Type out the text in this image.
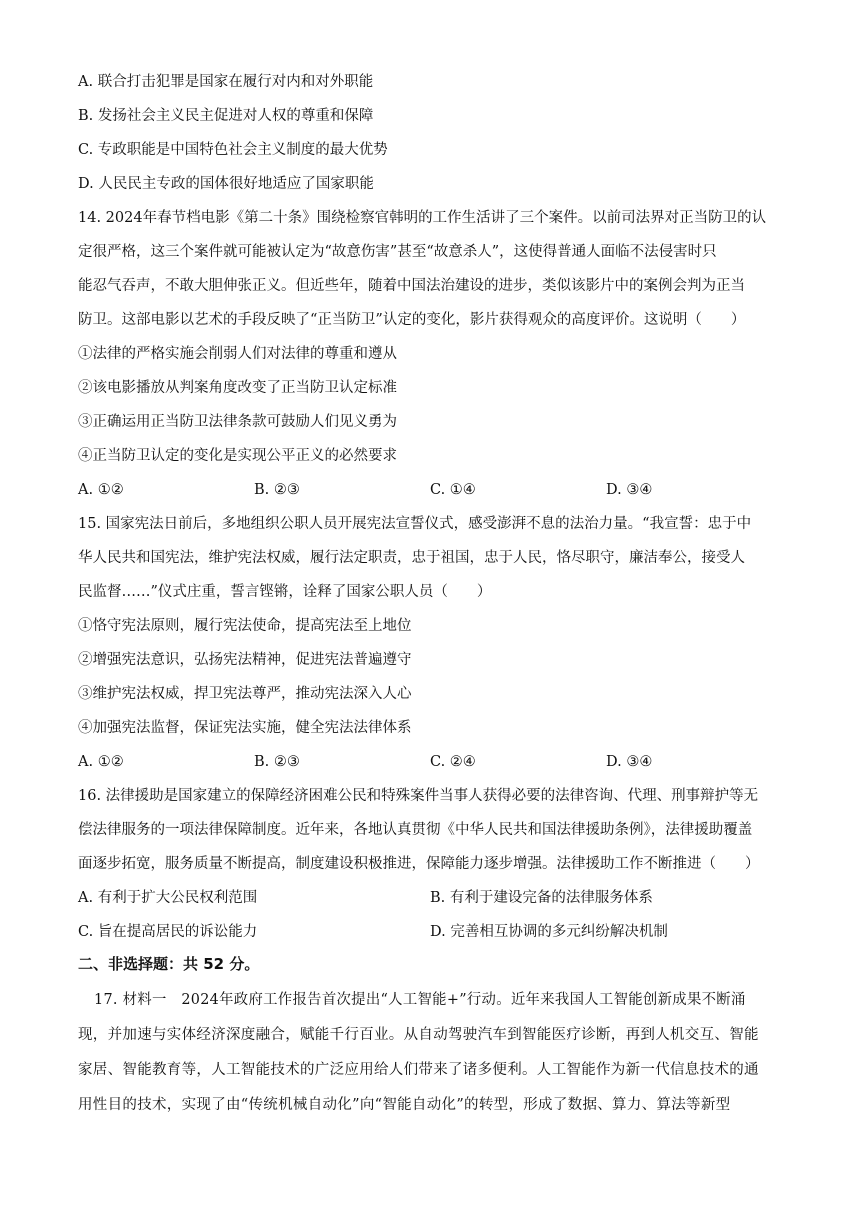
A. 联合打击犯罪是国家在履行对内和对外职能
B. 发扬社会主义民主促进对人权的尊重和保障
C. 专政职能是中国特色社会主义制度的最大优势
D. 人民民主专政的国体很好地适应了国家职能
14. 2024年春节档电影《第二十条》围绕检察官韩明的工作生活讲了三个案件。以前司法界对正当防卫的认
定很严格，这三个案件就可能被认定为“故意伤害”甚至“故意杀人”，这使得普通人面临不法侵害时只
能忍气吞声，不敢大胆伸张正义。但近些年，随着中国法治建设的进步，类似该影片中的案例会判为正当
防卫。这部电影以艺术的手段反映了“正当防卫”认定的变化，影片获得观众的高度评价。这说明（　　）
①法律的严格实施会削弱人们对法律的尊重和遵从
②该电影播放从判案角度改变了正当防卫认定标准
③正确运用正当防卫法律条款可鼓励人们见义勇为
④正当防卫认定的变化是实现公平正义的必然要求
A. ①②	B. ②③	C. ①④	D. ③④
15. 国家宪法日前后，多地组织公职人员开展宪法宣誓仪式，感受澎湃不息的法治力量。“我宣誓：忠于中
华人民共和国宪法，维护宪法权威，履行法定职责，忠于祖国，忠于人民，恪尽职守，廉洁奉公，接受人
民监督……”仪式庄重，誓言铿锵，诠释了国家公职人员（　　）
①恪守宪法原则，履行宪法使命，提高宪法至上地位
②增强宪法意识，弘扬宪法精神，促进宪法普遍遵守
③维护宪法权威，捍卫宪法尊严，推动宪法深入人心
④加强宪法监督，保证宪法实施，健全宪法法律体系
A. ①②	B. ②③	C. ②④	D. ③④
16. 法律援助是国家建立的保障经济困难公民和特殊案件当事人获得必要的法律咨询、代理、刑事辩护等无
偿法律服务的一项法律保障制度。近年来，各地认真贯彻《中华人民共和国法律援助条例》，法律援助覆盖
面逐步拓宽，服务质量不断提高，制度建设积极推进，保障能力逐步增强。法律援助工作不断推进（　　）
A. 有利于扩大公民权利范围	B. 有利于建设完备的法律服务体系
C. 旨在提高居民的诉讼能力	D. 完善相互协调的多元纠纷解决机制
二、非选择题：共 52 分。
17. 材料一　2024年政府工作报告首次提出“人工智能+”行动。近年来我国人工智能创新成果不断涌
现，并加速与实体经济深度融合，赋能千行百业。从自动驾驶汽车到智能医疗诊断，再到人机交互、智能
家居、智能教育等，人工智能技术的广泛应用给人们带来了诸多便利。人工智能作为新一代信息技术的通
用性目的技术，实现了由“传统机械自动化”向“智能自动化”的转型，形成了数据、算力、算法等新型
